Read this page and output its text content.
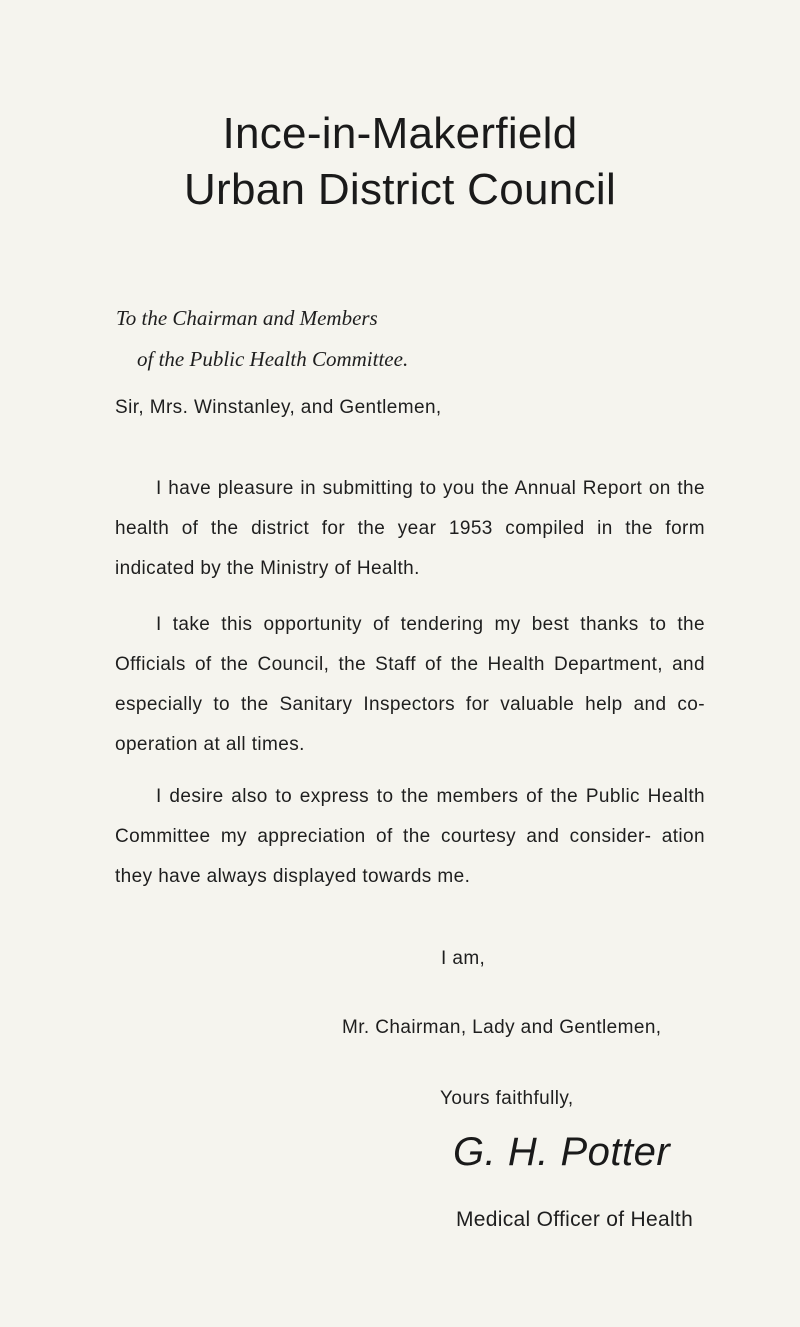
Ince-in-Makerfield
Urban District Council
To the Chairman and Members
of the Public Health Committee.
Sir, Mrs. Winstanley, and Gentlemen,

I have pleasure in submitting to you the Annual Report on the health of the district for the year 1953 compiled in the form indicated by the Ministry of Health.

I take this opportunity of tendering my best thanks to the Officials of the Council, the Staff of the Health Department, and especially to the Sanitary Inspectors for valuable help and co-operation at all times.

I desire also to express to the members of the Public Health Committee my appreciation of the courtesy and consider- ation they have always displayed towards me.

I am,
Mr. Chairman, Lady and Gentlemen,
Yours faithfully,
G. H. Potter
Medical Officer of Health
